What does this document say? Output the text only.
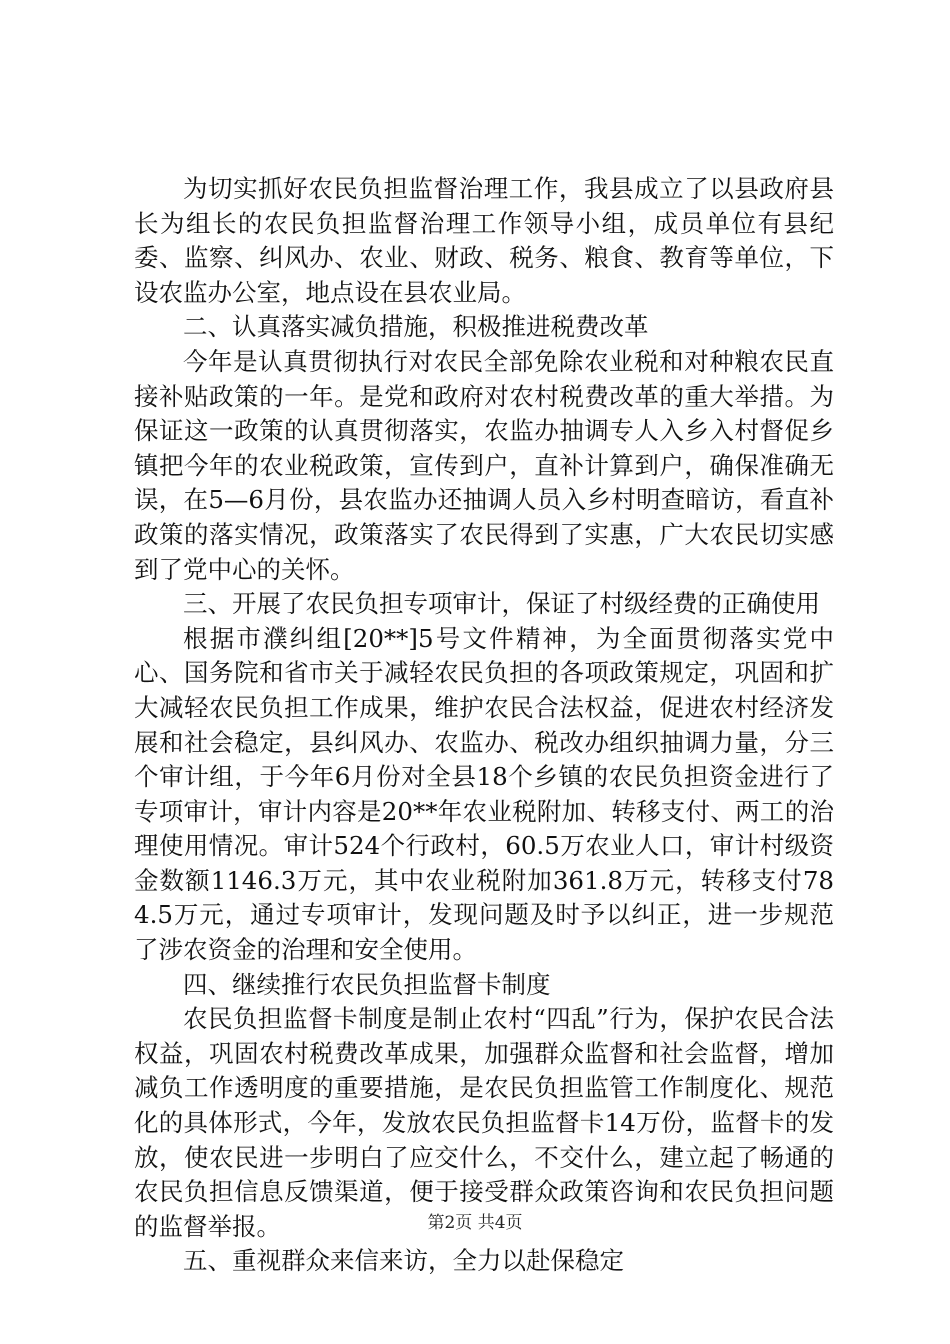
为切实抓好农民负担监督治理工作，我县成立了以县政府县长为组长的农民负担监督治理工作领导小组，成员单位有县纪委、监察、纠风办、农业、财政、税务、粮食、教育等单位，下设农监办公室，地点设在县农业局。

二、认真落实减负措施，积极推进税费改革

今年是认真贯彻执行对农民全部免除农业税和对种粮农民直接补贴政策的一年。是党和政府对农村税费改革的重大举措。为保证这一政策的认真贯彻落实，农监办抽调专人入乡入村督促乡镇把今年的农业税政策，宣传到户，直补计算到户，确保准确无误，在5—6月份，县农监办还抽调人员入乡村明查暗访，看直补政策的落实情况，政策落实了农民得到了实惠，广大农民切实感到了党中心的关怀。

三、开展了农民负担专项审计，保证了村级经费的正确使用

根据市濮纠组[20**]5号文件精神，为全面贯彻落实党中心、国务院和省市关于减轻农民负担的各项政策规定，巩固和扩大减轻农民负担工作成果，维护农民合法权益，促进农村经济发展和社会稳定，县纠风办、农监办、税改办组织抽调力量，分三个审计组，于今年6月份对全县18个乡镇的农民负担资金进行了专项审计，审计内容是20**年农业税附加、转移支付、两工的治理使用情况。审计524个行政村，60.5万农业人口，审计村级资金数额1146.3万元，其中农业税附加361.8万元，转移支付784.5万元，通过专项审计，发现问题及时予以纠正，进一步规范了涉农资金的治理和安全使用。

四、继续推行农民负担监督卡制度

农民负担监督卡制度是制止农村“四乱”行为，保护农民合法权益，巩固农村税费改革成果，加强群众监督和社会监督，增加减负工作透明度的重要措施，是农民负担监管工作制度化、规范化的具体形式，今年，发放农民负担监督卡14万份，监督卡的发放，使农民进一步明白了应交什么，不交什么，建立起了畅通的农民负担信息反馈渠道，便于接受群众政策咨询和农民负担问题的监督举报。

五、重视群众来信来访，全力以赴保稳定

第2页 共4页
